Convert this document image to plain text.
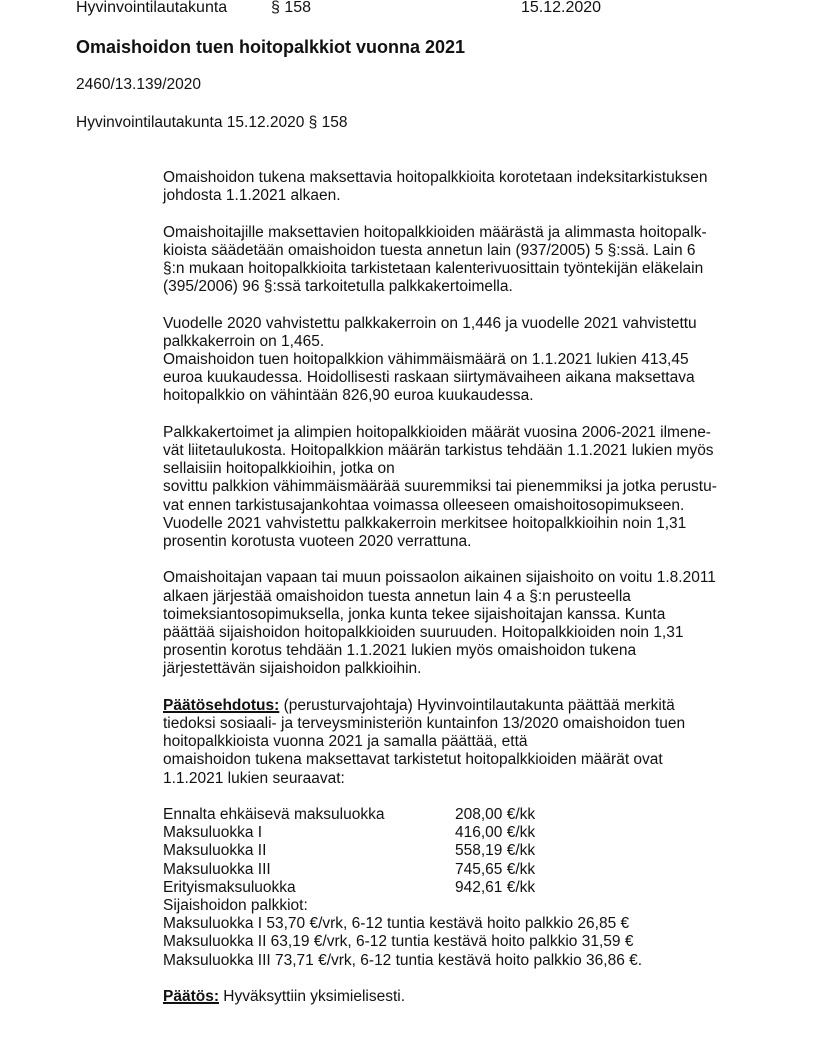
Hyvinvointilautakunta	§ 158	15.12.2020
Omaishoidon tuen hoitopalkkiot vuonna 2021
2460/13.139/2020
Hyvinvointilautakunta 15.12.2020 § 158

Omaishoidon tukena maksettavia hoitopalkkioita korotetaan indeksitarkistuksen
johdosta 1.1.2021 alkaen.

Omaishoitajille maksettavien hoitopalkkioiden määrästä ja alimmasta hoitopalk-
kioista säädetään omaishoidon tuesta annetun lain (937/2005) 5 §:ssä. Lain 6
§:n mukaan hoitopalkkioita tarkistetaan kalenterivuosittain työntekijän eläkelain
(395/2006) 96 §:ssä tarkoitetulla palkkakertoimella.

Vuodelle 2020 vahvistettu palkkakerroin on 1,446 ja vuodelle 2021 vahvistettu
palkkakerroin on 1,465.
Omaishoidon tuen hoitopalkkion vähimmäismäärä on 1.1.2021 lukien 413,45
euroa kuukaudessa. Hoidollisesti raskaan siirtymävaiheen aikana maksettava
hoitopalkkio on vähintään 826,90 euroa kuukaudessa.

Palkkakertoimet ja alimpien hoitopalkkioiden määrät vuosina 2006-2021 ilmene-
vät liitetaulukosta. Hoitopalkkion määrän tarkistus tehdään 1.1.2021 lukien myös
sellaisiin hoitopalkkioihin, jotka on
sovittu palkkion vähimmäismäärää suuremmiksi tai pienemmiksi ja jotka perustu-
vat ennen tarkistusajankohtaa voimassa olleeseen omaishoitosopimukseen.
Vuodelle 2021 vahvistettu palkkakerroin merkitsee hoitopalkkioihin noin 1,31
prosentin korotusta vuoteen 2020 verrattuna.

Omaishoitajan vapaan tai muun poissaolon aikainen sijaishoito on voitu 1.8.2011
alkaen järjestää omaishoidon tuesta annetun lain 4 a §:n perusteella
toimeksiantosopimuksella, jonka kunta tekee sijaishoitajan kanssa. Kunta
päättää sijaishoidon hoitopalkkioiden suuruuden. Hoitopalkkioiden noin 1,31
prosentin korotus tehdään 1.1.2021 lukien myös omaishoidon tukena
järjestettävän sijaishoidon palkkioihin.

Päätösehdotus: (perusturvajohtaja) Hyvinvointilautakunta päättää merkitä
tiedoksi sosiaali- ja terveysministeriön kuntainfon 13/2020 omaishoidon tuen
hoitopalkkioista vuonna 2021 ja samalla päättää, että
omaishoidon tukena maksettavat tarkistetut hoitopalkkioiden määrät ovat
1.1.2021 lukien seuraavat:

Ennalta ehkäisevä maksuluokka	208,00 €/kk
Maksuluokka I	416,00 €/kk
Maksuluokka II	558,19 €/kk
Maksuluokka III	745,65 €/kk
Erityismaksuluokka	942,61 €/kk

Sijaishoidon palkkiot:
Maksuluokka I 53,70 €/vrk, 6-12 tuntia kestävä hoito palkkio 26,85 €
Maksuluokka II 63,19 €/vrk, 6-12 tuntia kestävä hoito palkkio 31,59 €
Maksuluokka III 73,71 €/vrk, 6-12 tuntia kestävä hoito palkkio 36,86 €.

Päätös: Hyväksyttiin yksimielisesti.
